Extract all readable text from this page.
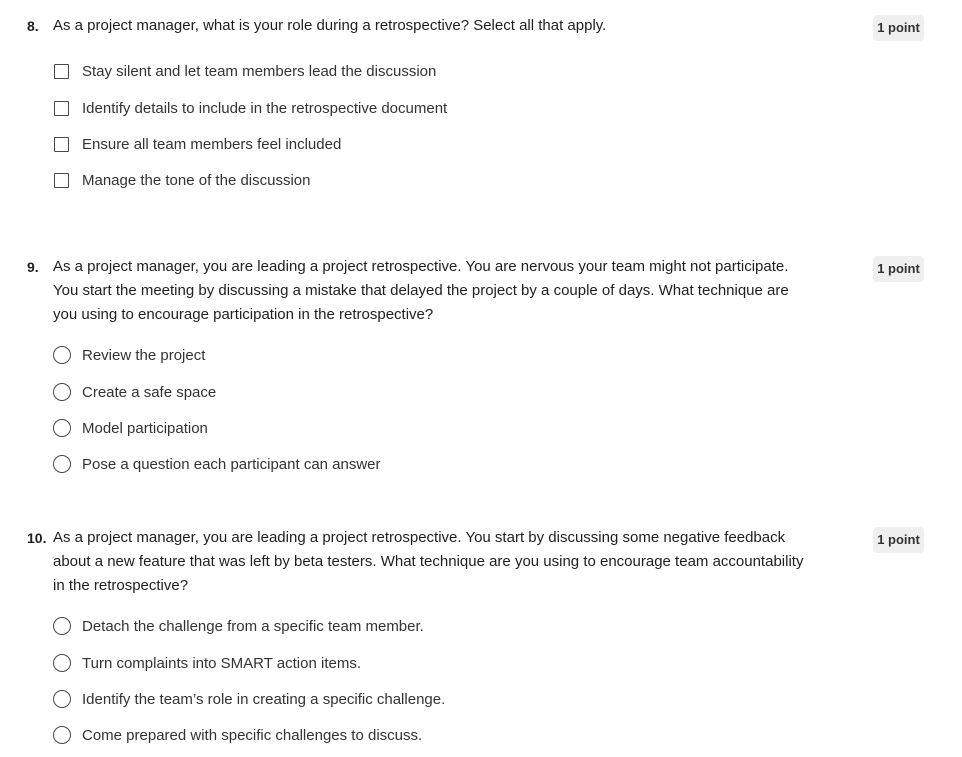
8. As a project manager, what is your role during a retrospective? Select all that apply.	1 point
Stay silent and let team members lead the discussion
Identify details to include in the retrospective document
Ensure all team members feel included
Manage the tone of the discussion
9. As a project manager, you are leading a project retrospective. You are nervous your team might not participate. You start the meeting by discussing a mistake that delayed the project by a couple of days. What technique are you using to encourage participation in the retrospective?
1 point
Review the project
Create a safe space
Model participation
Pose a question each participant can answer
10. As a project manager, you are leading a project retrospective. You start by discussing some negative feedback about a new feature that was left by beta testers. What technique are you using to encourage team accountability in the retrospective?
1 point
Detach the challenge from a specific team member.
Turn complaints into SMART action items.
Identify the team’s role in creating a specific challenge.
Come prepared with specific challenges to discuss.
